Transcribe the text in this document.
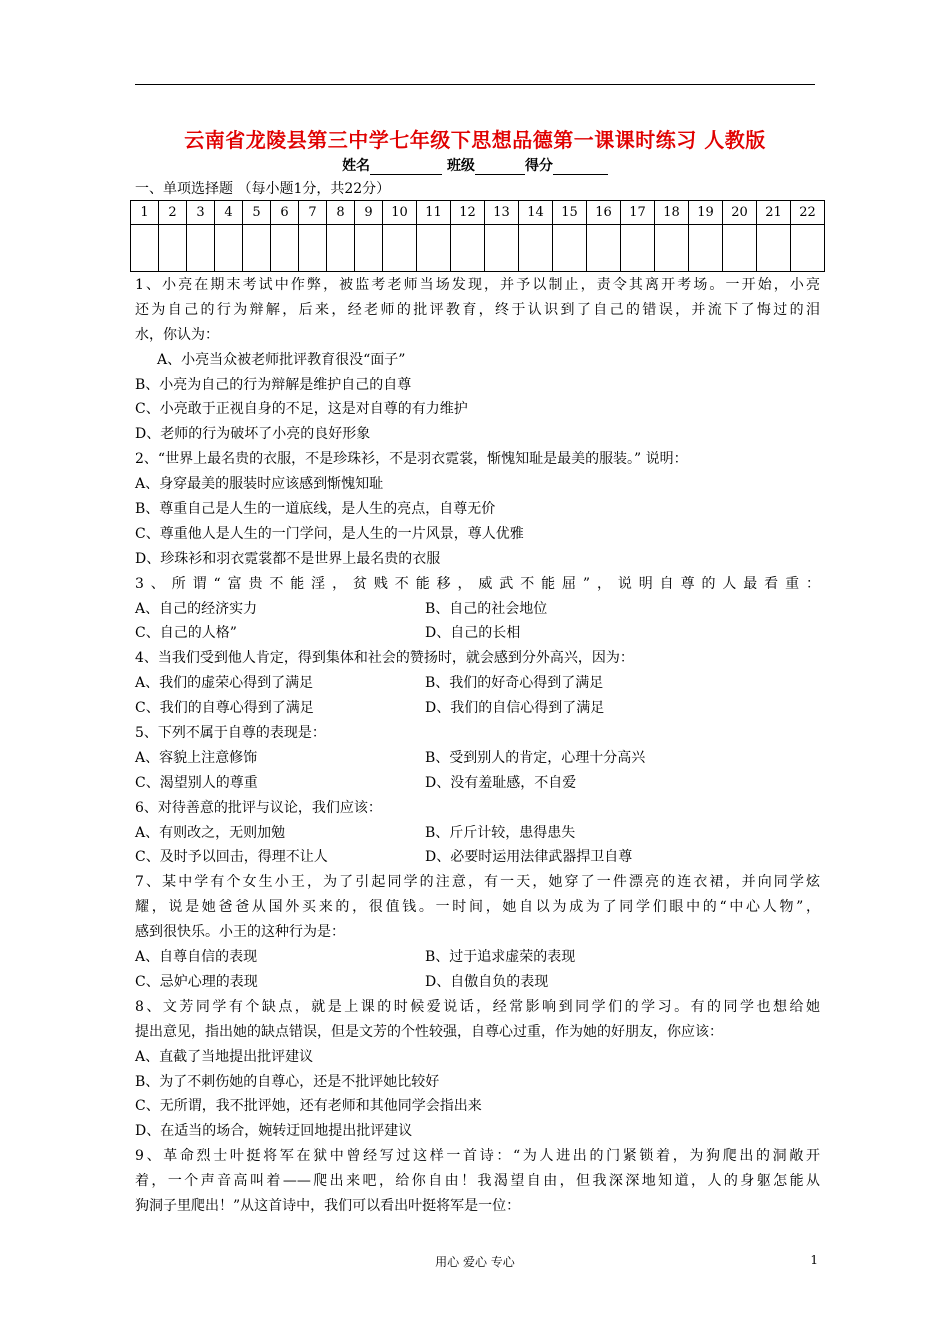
云南省龙陵县第三中学七年级下思想品德第一课课时练习 人教版
姓名	班级	得分
一、单项选择题 （每小题1分，共22分）
1	2	3	4	5	6	7	8	9	10	11	12	13	14	15	16	17	18	19	20	21	22

1、小亮在期末考试中作弊，被监考老师当场发现，并予以制止，责令其离开考场。一开始，小亮
还为自己的行为辩解，后来，经老师的批评教育，终于认识到了自己的错误，并流下了悔过的泪
水，你认为：
A、小亮当众被老师批评教育很没“面子”
B、小亮为自己的行为辩解是维护自己的自尊
C、小亮敢于正视自身的不足，这是对自尊的有力维护
D、老师的行为破坏了小亮的良好形象
2、“世界上最名贵的衣服，不是珍珠衫，不是羽衣霓裳，惭愧知耻是最美的服装。” 说明：
A、身穿最美的服装时应该感到惭愧知耻
B、尊重自己是人生的一道底线，是人生的亮点，自尊无价
C、尊重他人是人生的一门学问，是人生的一片风景，尊人优雅
D、珍珠衫和羽衣霓裳都不是世界上最名贵的衣服
3、所谓“富贵不能淫，贫贱不能移，威武不能屈”，说明自尊的人最看重：
A、自己的经济实力	B、自己的社会地位
C、自己的人格”	D、自己的长相
4、当我们受到他人肯定，得到集体和社会的赞扬时，就会感到分外高兴，因为：
A、我们的虚荣心得到了满足	B、我们的好奇心得到了满足
C、我们的自尊心得到了满足	D、我们的自信心得到了满足
5、下列不属于自尊的表现是：
A、容貌上注意修饰	B、受到别人的肯定，心理十分高兴
C、渴望别人的尊重	D、没有羞耻感，不自爱
6、对待善意的批评与议论，我们应该：
A、有则改之，无则加勉	B、斤斤计较，患得患失
C、及时予以回击，得理不让人	D、必要时运用法律武器捍卫自尊
7、某中学有个女生小王，为了引起同学的注意，有一天，她穿了一件漂亮的连衣裙，并向同学炫
耀，说是她爸爸从国外买来的，很值钱。一时间，她自以为成为了同学们眼中的“中心人物”，
感到很快乐。小王的这种行为是：
A、自尊自信的表现	B、过于追求虚荣的表现
C、忌妒心理的表现	D、自傲自负的表现
8、文芳同学有个缺点，就是上课的时候爱说话，经常影响到同学们的学习。有的同学也想给她
提出意见，指出她的缺点错误，但是文芳的个性较强，自尊心过重，作为她的好朋友，你应该：
A、直截了当地提出批评建议
B、为了不刺伤她的自尊心，还是不批评她比较好
C、无所谓，我不批评她，还有老师和其他同学会指出来
D、在适当的场合，婉转迂回地提出批评建议
9、革命烈士叶挺将军在狱中曾经写过这样一首诗：“为人进出的门紧锁着，为狗爬出的洞敞开
着，一个声音高叫着——爬出来吧，给你自由！我渴望自由，但我深深地知道，人的身躯怎能从
狗洞子里爬出！”从这首诗中，我们可以看出叶挺将军是一位：
用心 爱心 专心	1
